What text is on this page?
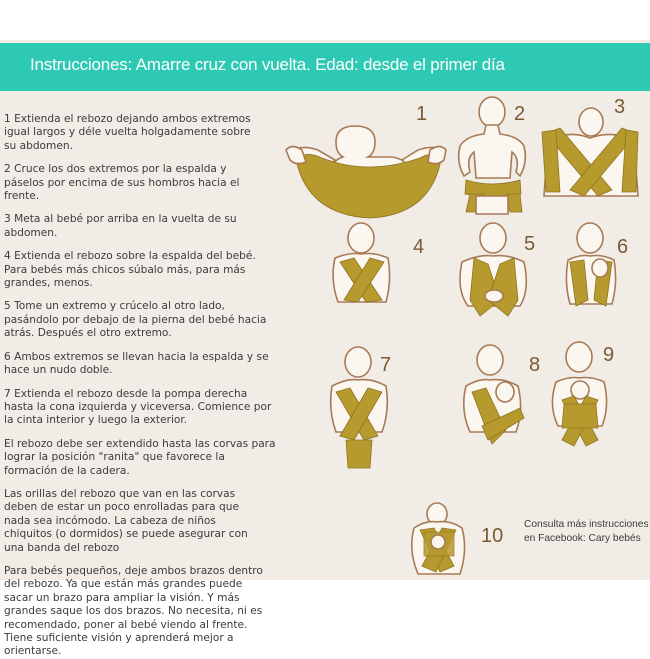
Instrucciones: Amarre cruz con vuelta. Edad: desde el primer día

1 Extienda el rebozo dejando ambos extremos igual largos y déle vuelta holgadamente sobre su abdomen.

2 Cruce los dos extremos por la espalda y páselos por encima de sus hombros hacia el frente.

3 Meta al bebé por arriba en la vuelta de su abdomen.

4 Extienda el rebozo sobre la espalda del bebé. Para bebés más chicos súbalo más, para más grandes, menos.

5 Tome un extremo y crúcelo al otro lado, pasándolo por debajo de la pierna del bebé hacia atrás. Después el otro extremo.

6 Ambos extremos se llevan hacia la espalda y se hace un nudo doble.

7 Extienda el rebozo desde la pompa derecha hasta la cona izquierda y viceversa. Comience por la cinta interior y luego la exterior.

El rebozo debe ser extendido hasta las corvas para lograr la posición "ranita" que favorece la formación de la cadera.

Las orillas del rebozo que van en las corvas deben de estar un poco enrolladas para que nada sea incómodo. La cabeza de niños chiquitos (o dormidos) se puede asegurar con una banda del rebozo

Para bebés pequeños, deje ambos brazos dentro del rebozo. Ya que están más grandes puede sacar un brazo para ampliar la visión. Y más grandes saque los dos brazos. No necesita, ni es recomendado, poner al bebé viendo al frente. Tiene suficiente visión y aprenderá mejor a orientarse.

1	2	3
4	5	6
7	8	9
10
Consulta más instrucciones
en Facebook: Cary bebés
